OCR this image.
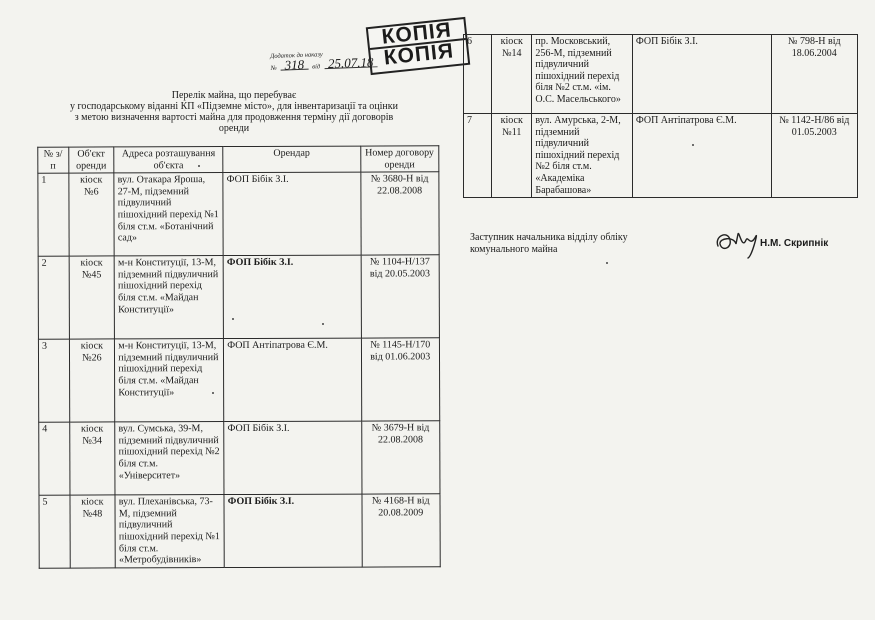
Додаток до наказу
№ 318	від 25.07.18
КОПІЯ
КОПІЯ
Перелік майна, що перебуває
у господарському віданні КП «Підземне місто», для інвентаризації та оцінки
з метою визначення вартості майна для продовження терміну дії договорів
оренди
№ з/п	Об'єкт оренди	Адреса розташування об'єкта	Орендар	Номер договору оренди
1	кіоск №6	вул. Отакара Яроша, 27-М, підземний підвуличний пішохідний перехід №1 біля ст.м. «Ботанічний сад»	ФОП Бібік З.І.	№ 3680-Н від 22.08.2008
2	кіоск №45	м-н Конституції, 13-М, підземний підвуличний пішохідний перехід біля ст.м. «Майдан Конституції»	ФОП Бібік З.І.	№ 1104-Н/137 від 20.05.2003
3	кіоск №26	м-н Конституції, 13-М, підземний підвуличний пішохідний перехід біля ст.м. «Майдан Конституції»	ФОП Антіпатрова Є.М.	№ 1145-Н/170 від 01.06.2003
4	кіоск №34	вул. Сумська, 39-М, підземний підвуличний пішохідний перехід №2 біля ст.м. «Університет»	ФОП Бібік З.І.	№ 3679-Н від 22.08.2008
5	кіоск №48	вул. Плеханівська, 73-М, підземний підвуличний пішохідний перехід №1 біля ст.м. «Метробудівників»	ФОП Бібік З.І.	№ 4168-Н від 20.08.2009
6	кіоск №14	пр. Московський, 256-М, підземний підвуличний пішохідний перехід біля №2 ст.м. «ім. О.С. Масельського»	ФОП Бібік З.І.	№ 798-Н від 18.06.2004
7	кіоск №11	вул. Амурська, 2-М, підземний підвуличний пішохідний перехід №2 біля ст.м. «Академіка Барабашова»	ФОП Антіпатрова Є.М.	№ 1142-Н/86 від 01.05.2003
Заступник начальника відділу обліку
комунального майна	Н.М. Скрипнік
